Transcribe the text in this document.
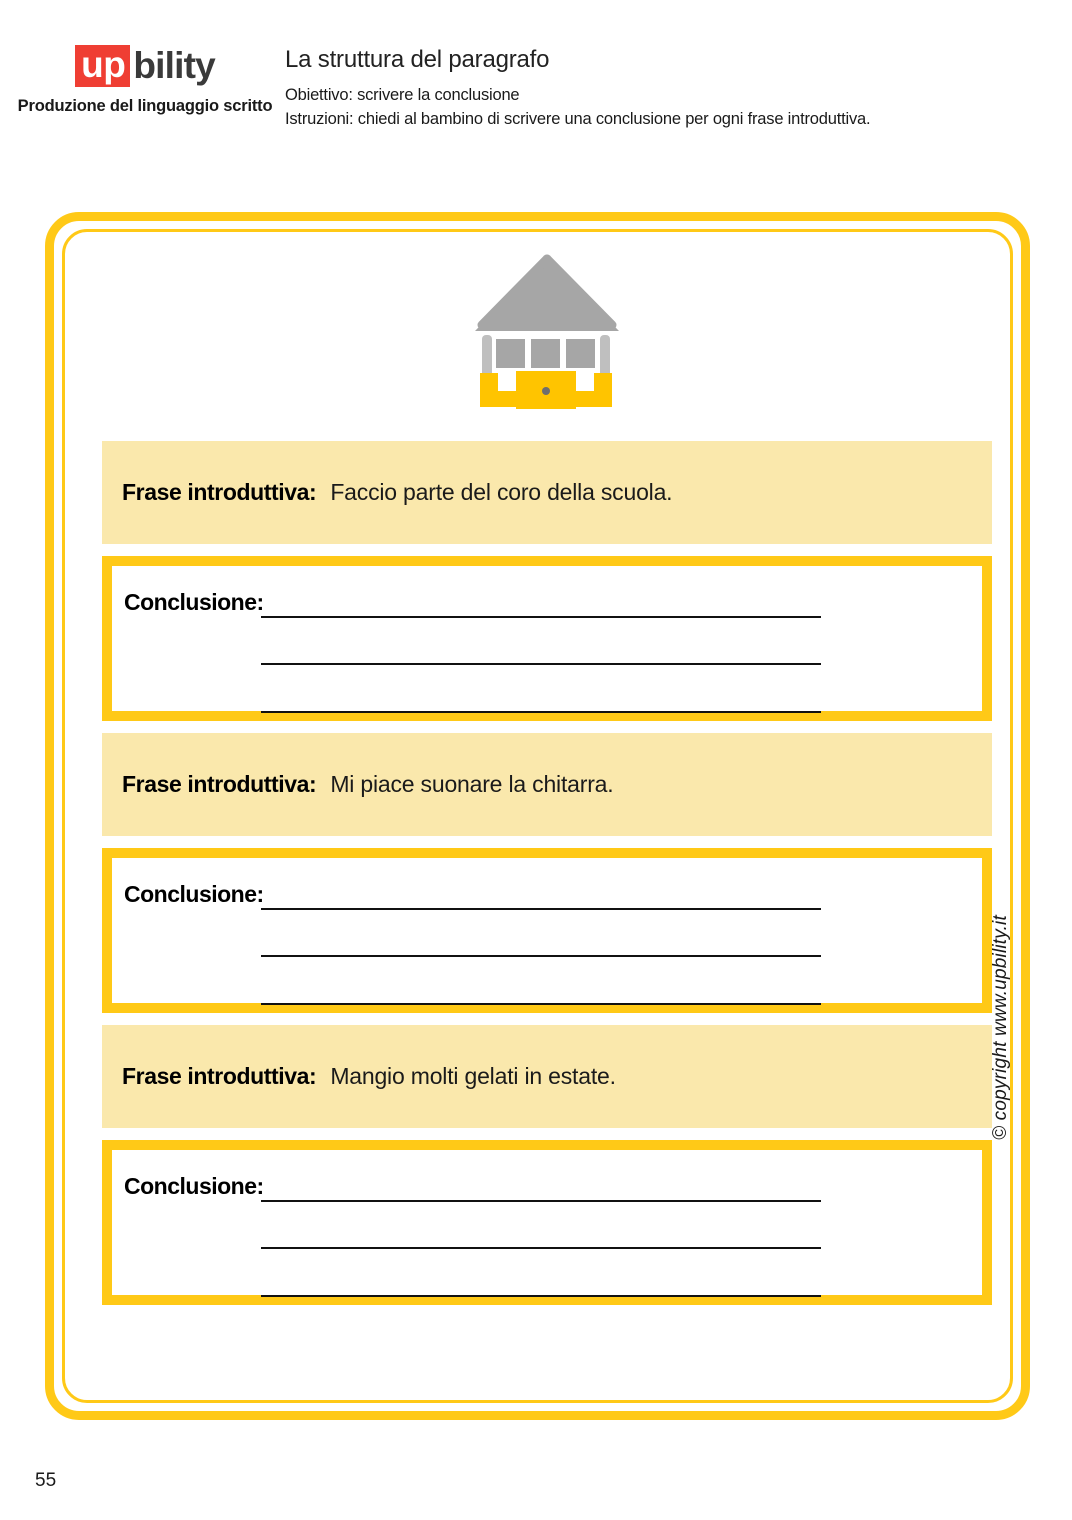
up bility
Produzione del linguaggio scritto
La struttura del paragrafo
Obiettivo: scrivere la conclusione
Istruzioni: chiedi al bambino di scrivere una conclusione per ogni frase introduttiva.
Frase introduttiva: Faccio parte del coro della scuola.
Conclusione:
Frase introduttiva: Mi piace suonare la chitarra.
Conclusione:
Frase introduttiva: Mangio molti gelati in estate.
Conclusione:
© copyright www.upbility.it
55
